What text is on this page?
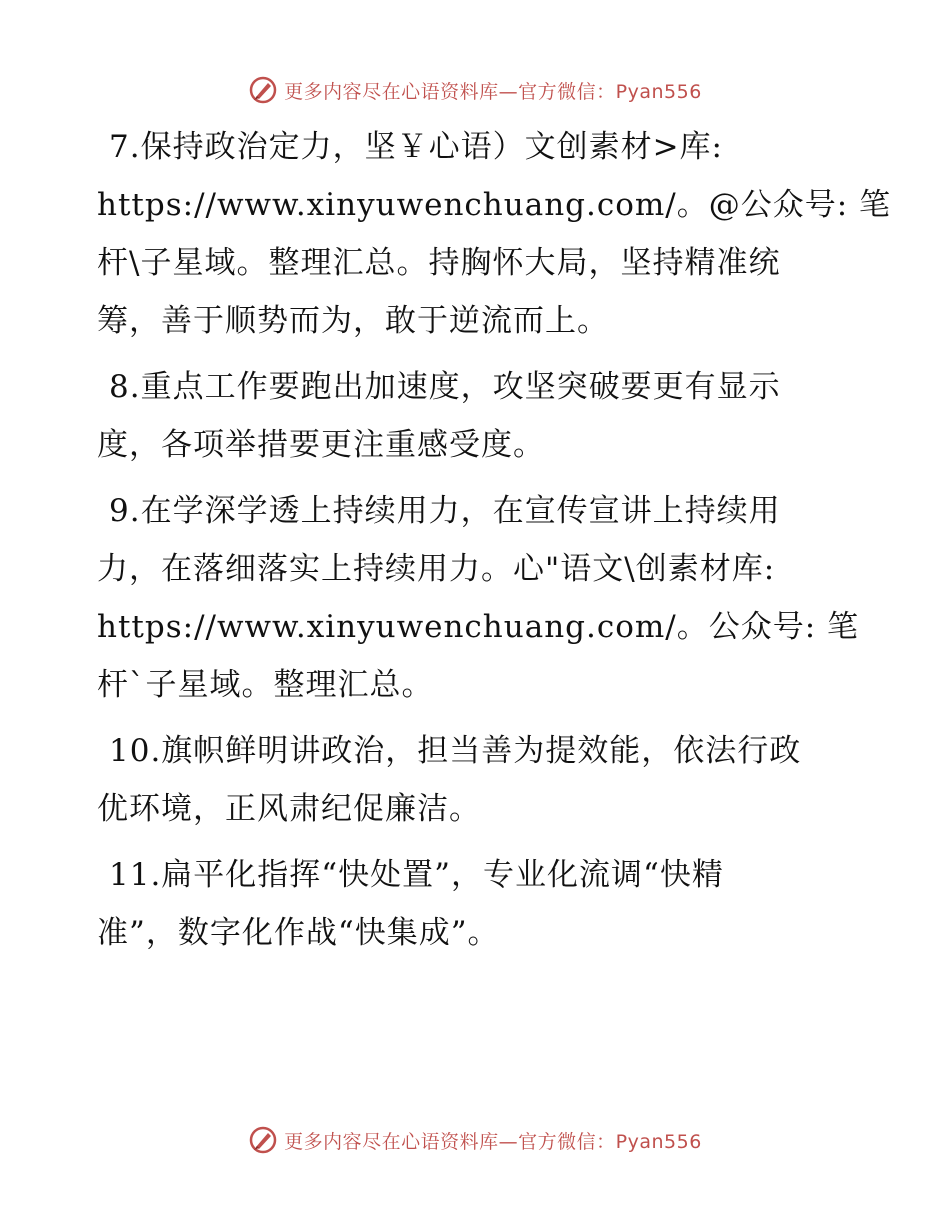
更多内容尽在心语资料库—官方微信：Pyan556
7.保持政治定力，坚￥心语）文创素材>库:
https://www.xinyuwenchuang.com/。@公众号: 笔
杆\子星域。整理汇总。持胸怀大局，坚持精准统
筹，善于顺势而为，敢于逆流而上。
8.重点工作要跑出加速度，攻坚突破要更有显示
度，各项举措要更注重感受度。
9.在学深学透上持续用力，在宣传宣讲上持续用
力，在落细落实上持续用力。心"语文\创素材库:
https://www.xinyuwenchuang.com/。公众号: 笔
杆`子星域。整理汇总。
10.旗帜鲜明讲政治，担当善为提效能，依法行政
优环境，正风肃纪促廉洁。
11.扁平化指挥“快处置”，专业化流调“快精
准”，数字化作战“快集成”。
更多内容尽在心语资料库—官方微信：Pyan556
